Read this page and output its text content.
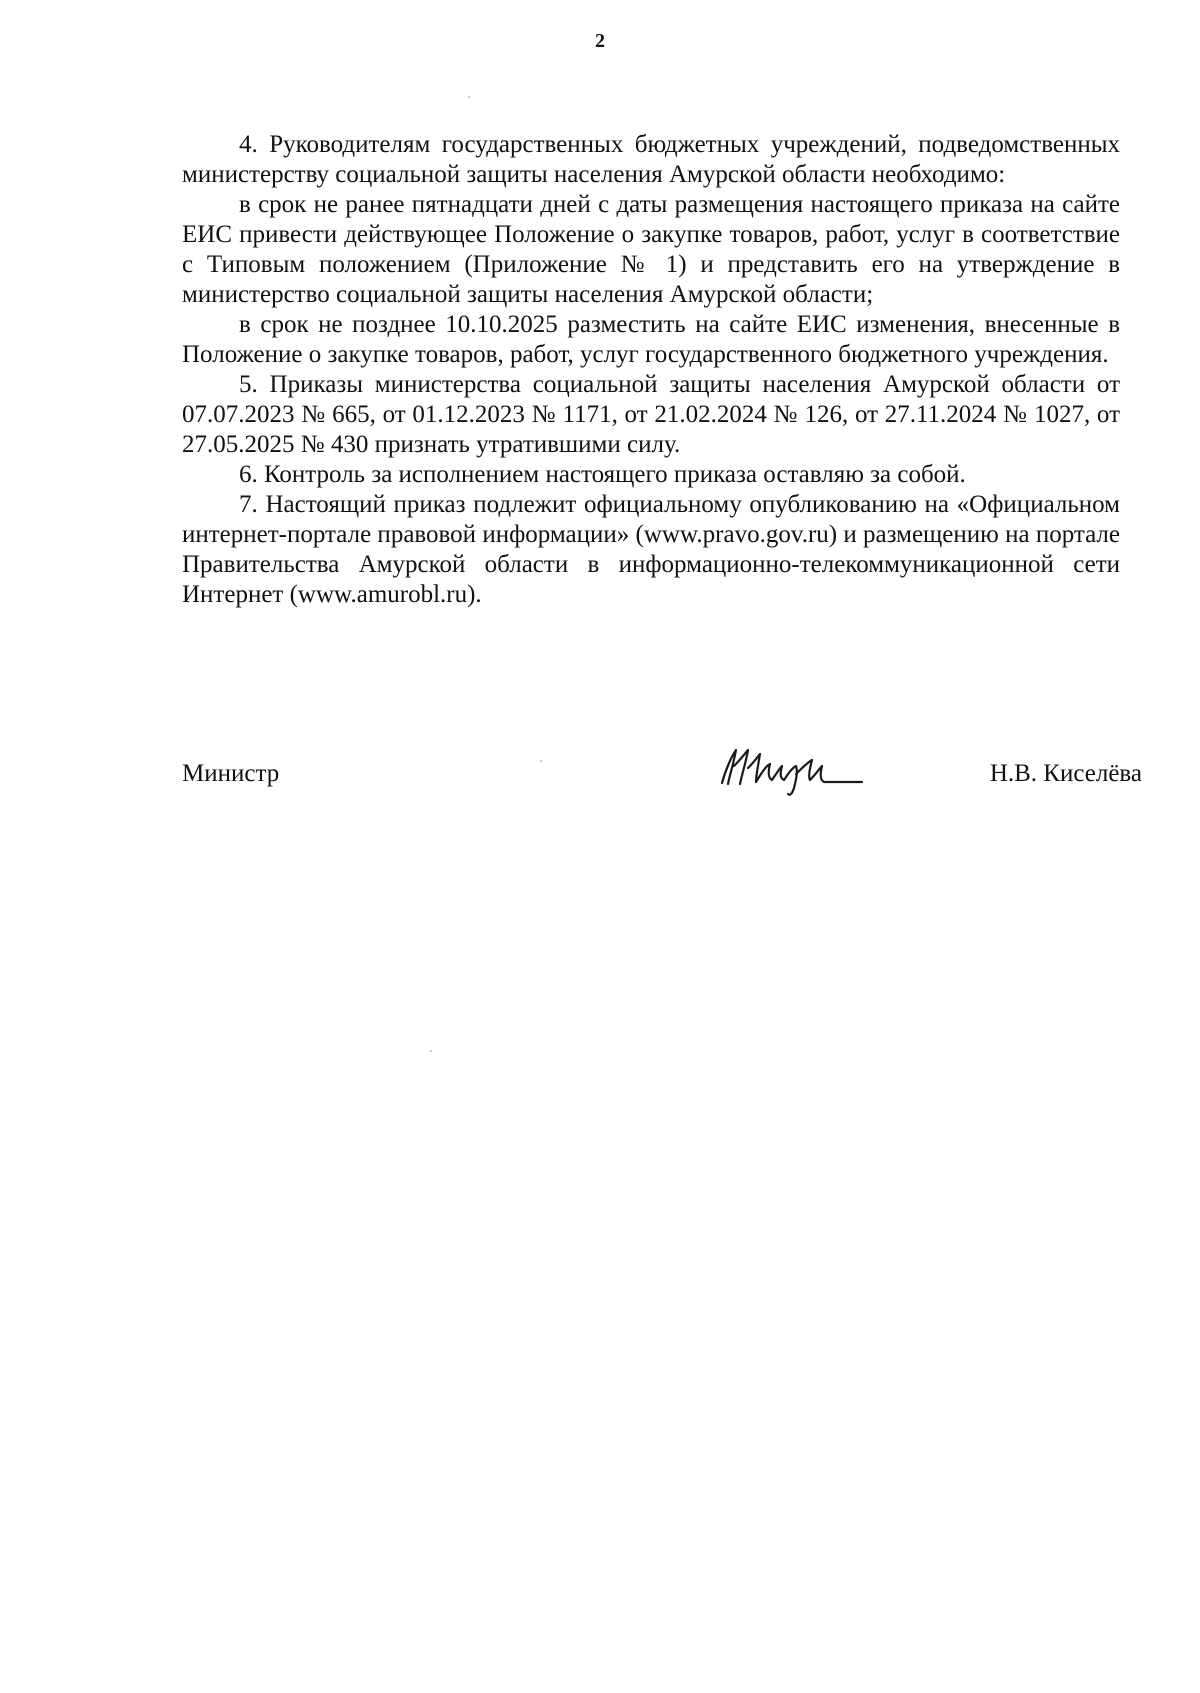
2

4. Руководителям государственных бюджетных учреждений, подведомственных министерству социальной защиты населения Амурской области необходимо:

в срок не ранее пятнадцати дней с даты размещения настоящего приказа на сайте ЕИС привести действующее Положение о закупке товаров, работ, услуг в соответствие с Типовым положением (Приложение № 1) и представить его на утверждение в министерство социальной защиты населения Амурской области;

в срок не позднее 10.10.2025 разместить на сайте ЕИС изменения, внесенные в Положение о закупке товаров, работ, услуг государственного бюджетного учреждения.

5. Приказы министерства социальной защиты населения Амурской области от 07.07.2023 № 665, от 01.12.2023 № 1171, от 21.02.2024 № 126, от 27.11.2024 № 1027, от 27.05.2025 № 430 признать утратившими силу.

6. Контроль за исполнением настоящего приказа оставляю за собой.

7. Настоящий приказ подлежит официальному опубликованию на «Официальном интернет-портале правовой информации» (www.pravo.gov.ru) и размещению на портале Правительства Амурской области в информационно-телекоммуникационной сети Интернет (www.amurobl.ru).

Министр	Н.В. Киселёва
